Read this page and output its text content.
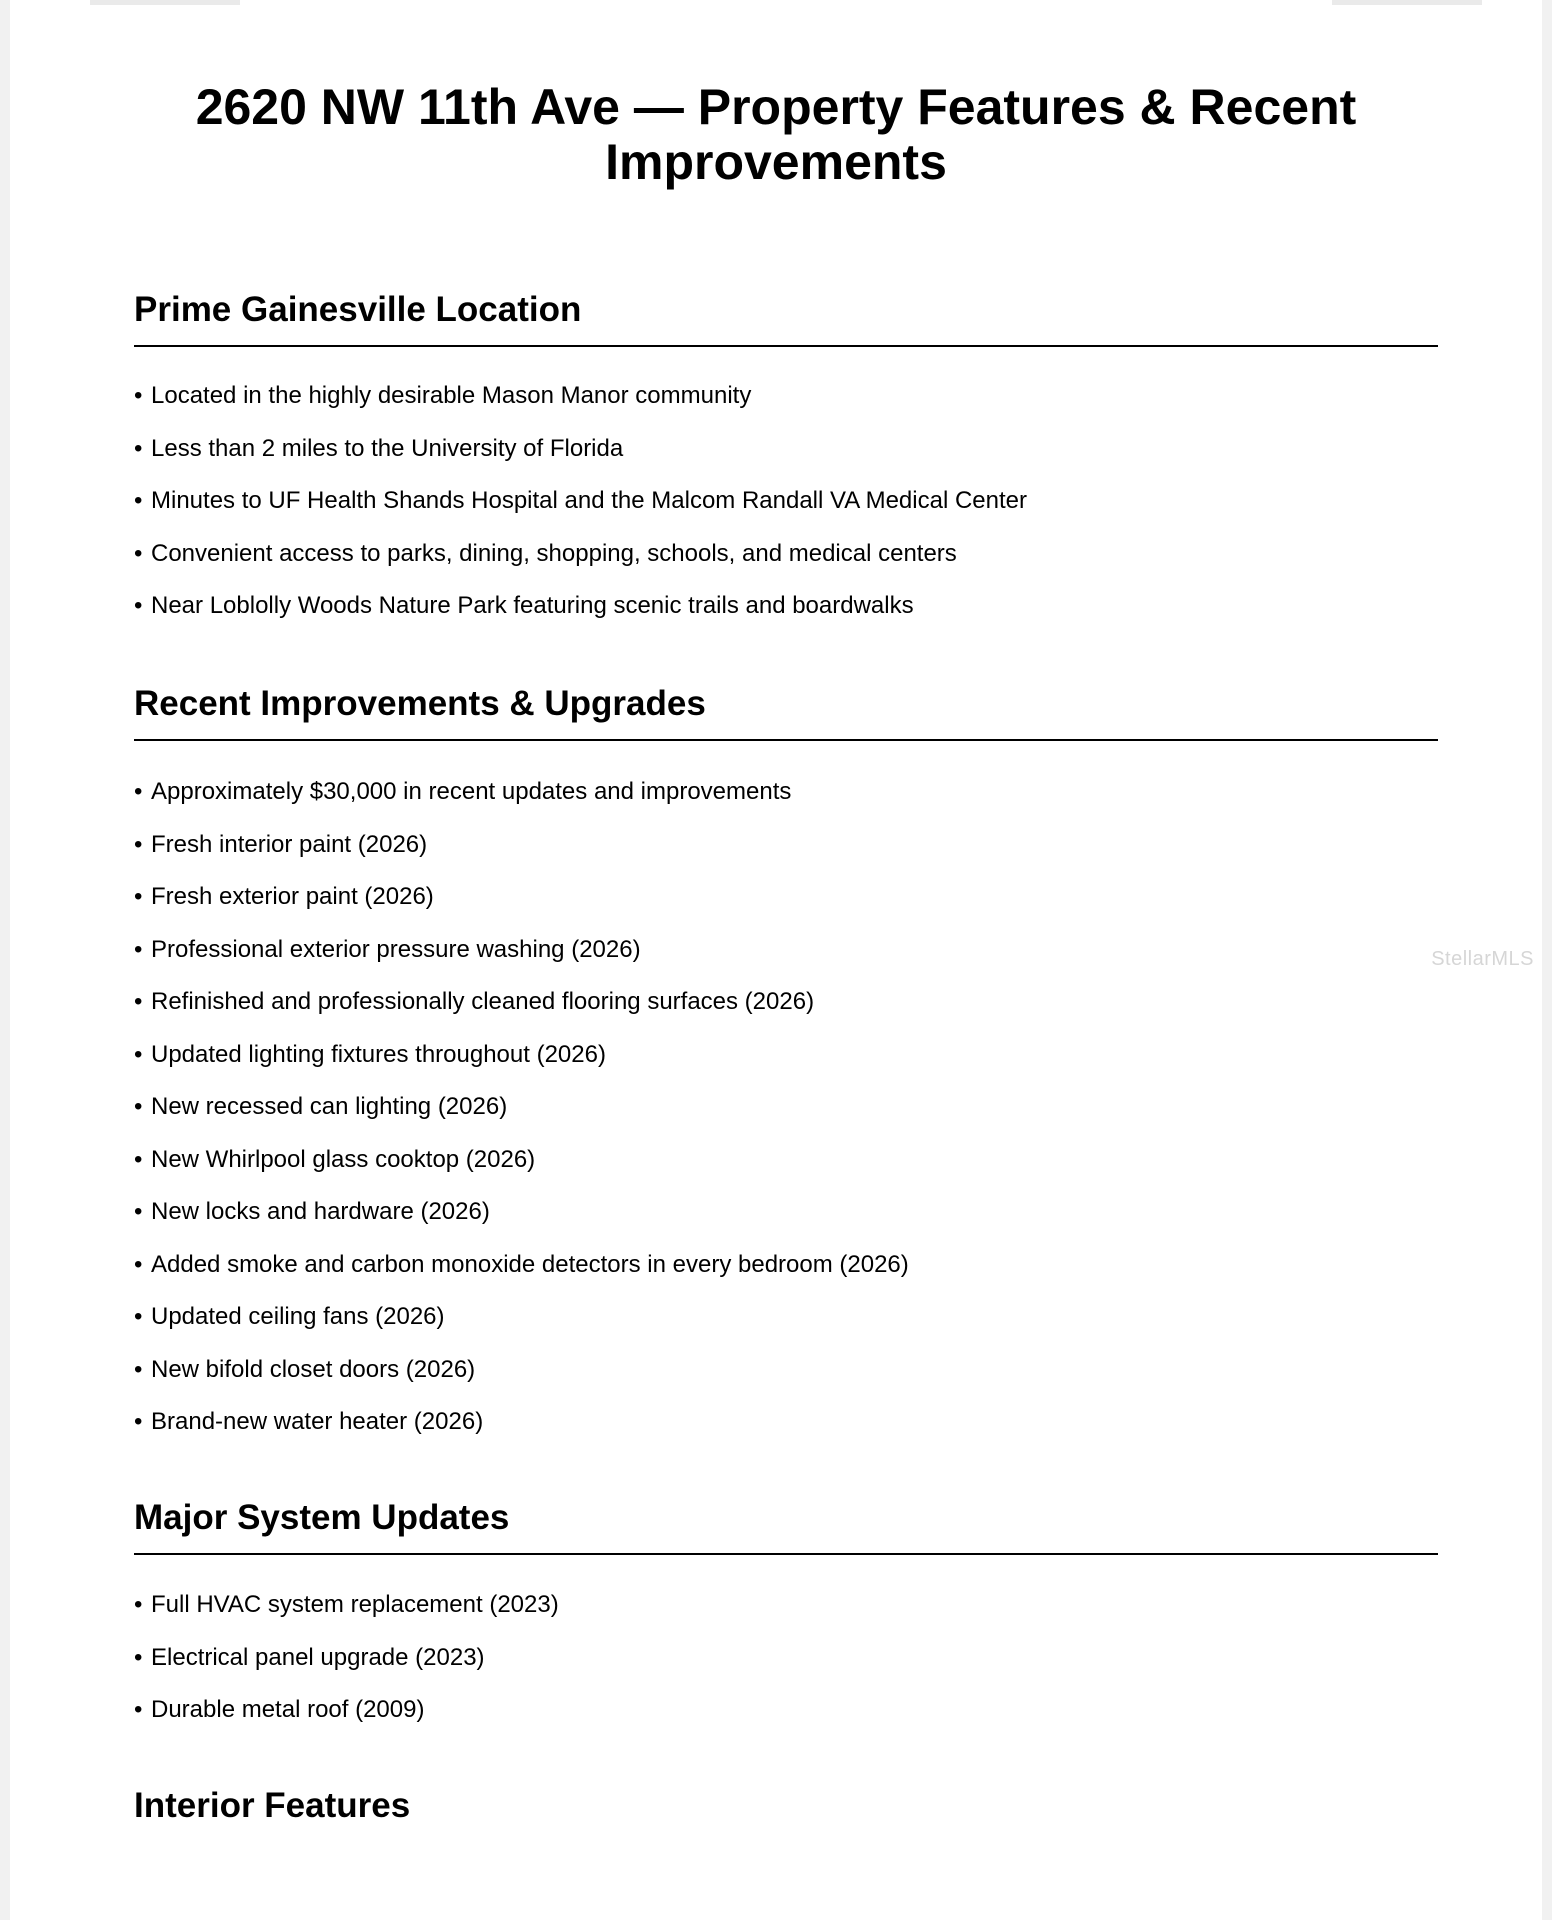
2620 NW 11th Ave — Property Features & Recent Improvements
Prime Gainesville Location
• Located in the highly desirable Mason Manor community
• Less than 2 miles to the University of Florida
• Minutes to UF Health Shands Hospital and the Malcom Randall VA Medical Center
• Convenient access to parks, dining, shopping, schools, and medical centers
• Near Loblolly Woods Nature Park featuring scenic trails and boardwalks
Recent Improvements & Upgrades
• Approximately $30,000 in recent updates and improvements
• Fresh interior paint (2026)
• Fresh exterior paint (2026)
• Professional exterior pressure washing (2026)
• Refinished and professionally cleaned flooring surfaces (2026)
• Updated lighting fixtures throughout (2026)
• New recessed can lighting (2026)
• New Whirlpool glass cooktop (2026)
• New locks and hardware (2026)
• Added smoke and carbon monoxide detectors in every bedroom (2026)
• Updated ceiling fans (2026)
• New bifold closet doors (2026)
• Brand-new water heater (2026)
Major System Updates
• Full HVAC system replacement (2023)
• Electrical panel upgrade (2023)
• Durable metal roof (2009)
Interior Features
StellarMLS
